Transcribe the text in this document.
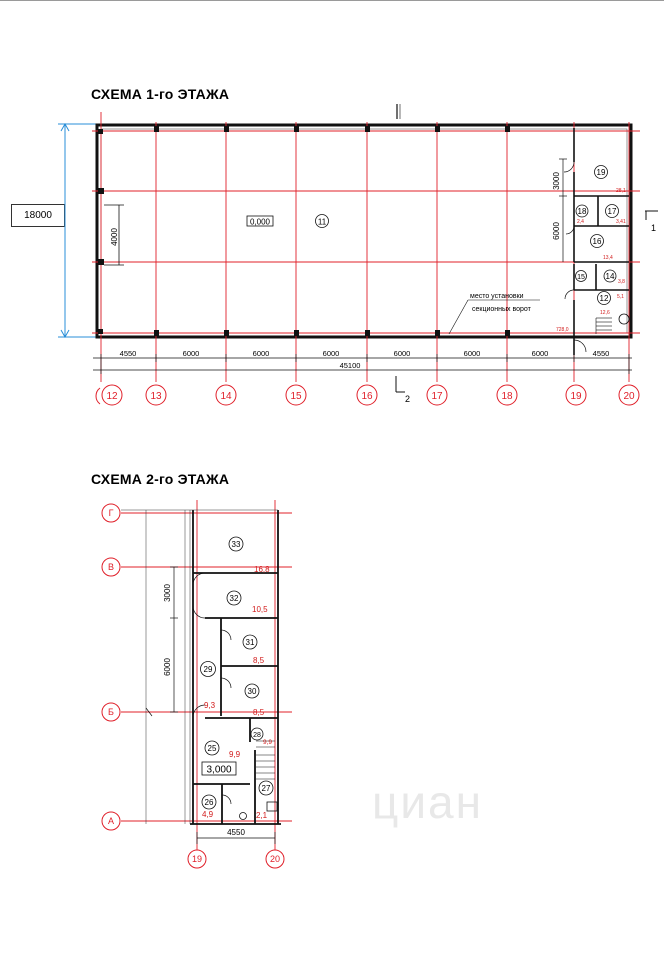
СХЕМА 1-го ЭТАЖА
СХЕМА 2-го ЭТАЖА
18000
циан
4000
0,000	11
19
18	17
16
15	14
12
28,1
2,4	3,41
13,4
3,8
12,6
5,1
728,0
3000
6000
место установки
секционных ворот
1
2
4550	6000	6000	6000	6000	6000	6000	4550
45100
12	13	14	15	16	17	18	19	20
Г
В
Б
А
19	20
3000
6000
4550
3,000
33
32
31
30
29
28
27
26
25
16,8
10,5
8,5
8,5
9,3
9,9
9,9
4,9	2,1
